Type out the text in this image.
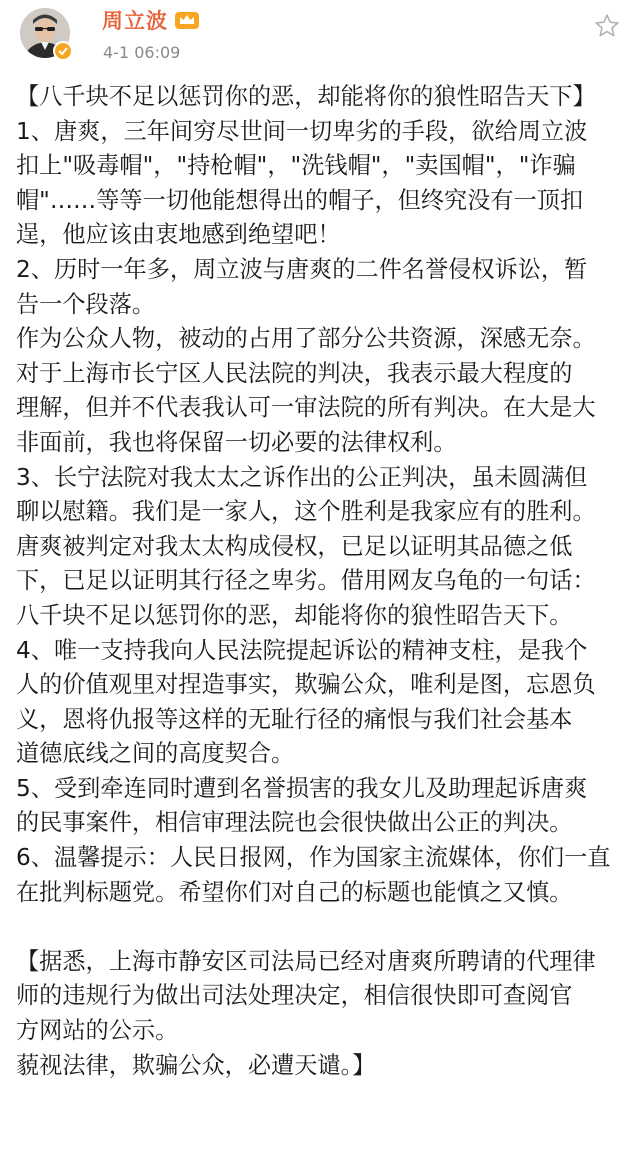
周立波
4-1 06:09
【八千块不足以惩罚你的恶，却能将你的狼性昭告天下】
1、唐爽，三年间穷尽世间一切卑劣的手段，欲给周立波
扣上"吸毒帽"，"持枪帽"，"洗钱帽"，"卖国帽"，"诈骗
帽"……等等一切他能想得出的帽子，但终究没有一顶扣
逞，他应该由衷地感到绝望吧！
2、历时一年多，周立波与唐爽的二件名誉侵权诉讼，暂
告一个段落。
作为公众人物，被动的占用了部分公共资源，深感无奈。
对于上海市长宁区人民法院的判决，我表示最大程度的
理解，但并不代表我认可一审法院的所有判决。在大是大
非面前，我也将保留一切必要的法律权利。
3、长宁法院对我太太之诉作出的公正判决，虽未圆满但
聊以慰籍。我们是一家人，这个胜利是我家应有的胜利。
唐爽被判定对我太太构成侵权，已足以证明其品德之低
下，已足以证明其行径之卑劣。借用网友乌龟的一句话：
八千块不足以惩罚你的恶，却能将你的狼性昭告天下。
4、唯一支持我向人民法院提起诉讼的精神支柱，是我个
人的价值观里对捏造事实，欺骗公众，唯利是图，忘恩负
义，恩将仇报等这样的无耻行径的痛恨与我们社会基本
道德底线之间的高度契合。
5、受到牵连同时遭到名誉损害的我女儿及助理起诉唐爽
的民事案件，相信审理法院也会很快做出公正的判决。
6、温馨提示：人民日报网，作为国家主流媒体，你们一直
在批判标题党。希望你们对自己的标题也能慎之又慎。
【据悉，上海市静安区司法局已经对唐爽所聘请的代理律
师的违规行为做出司法处理决定，相信很快即可查阅官
方网站的公示。
藐视法律，欺骗公众，必遭天谴。】
